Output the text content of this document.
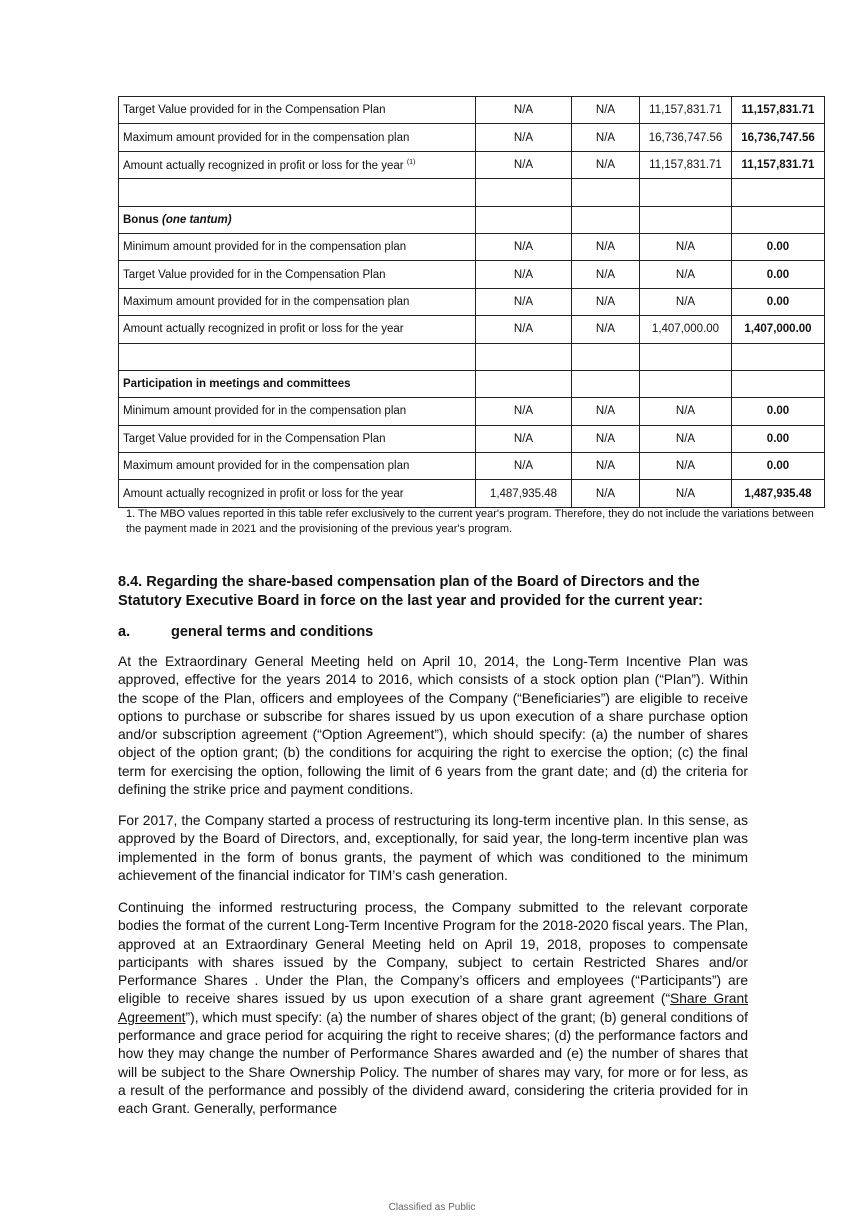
Target Value provided for in the Compensation Plan	N/A	N/A	11,157,831.71	11,157,831.71
Maximum amount provided for in the compensation plan	N/A	N/A	16,736,747.56	16,736,747.56
Amount actually recognized in profit or loss for the year $^{(1)}$	N/A	N/A	11,157,831.71	11,157,831.71

Bonus (one tantum)				
Minimum amount provided for in the compensation plan	N/A	N/A	N/A	0.00
Target Value provided for in the Compensation Plan	N/A	N/A	N/A	0.00
Maximum amount provided for in the compensation plan	N/A	N/A	N/A	0.00
Amount actually recognized in profit or loss for the year	N/A	N/A	1,407,000.00	1,407,000.00

Participation in meetings and committees				
Minimum amount provided for in the compensation plan	N/A	N/A	N/A	0.00
Target Value provided for in the Compensation Plan	N/A	N/A	N/A	0.00
Maximum amount provided for in the compensation plan	N/A	N/A	N/A	0.00
Amount actually recognized in profit or loss for the year	1,487,935.48	N/A	N/A	1,487,935.48
1. The MBO values reported in this table refer exclusively to the current year's program. Therefore, they do not include the variations between the payment made in 2021 and the provisioning of the previous year's program.
8.4. Regarding the share-based compensation plan of the Board of Directors and the Statutory Executive Board in force on the last year and provided for the current year:
a.	general terms and conditions
At the Extraordinary General Meeting held on April 10, 2014, the Long-Term Incentive Plan was approved, effective for the years 2014 to 2016, which consists of a stock option plan (“Plan”). Within the scope of the Plan, officers and employees of the Company (“Beneficiaries”) are eligible to receive options to purchase or subscribe for shares issued by us upon execution of a share purchase option and/or subscription agreement (“Option Agreement”), which should specify: (a) the number of shares object of the option grant; (b) the conditions for acquiring the right to exercise the option; (c) the final term for exercising the option, following the limit of 6 years from the grant date; and (d) the criteria for defining the strike price and payment conditions.
For 2017, the Company started a process of restructuring its long-term incentive plan. In this sense, as approved by the Board of Directors, and, exceptionally, for said year, the long-term incentive plan was implemented in the form of bonus grants, the payment of which was conditioned to the minimum achievement of the financial indicator for TIM’s cash generation.
Continuing the informed restructuring process, the Company submitted to the relevant corporate bodies the format of the current Long-Term Incentive Program for the 2018-2020 fiscal years. The Plan, approved at an Extraordinary General Meeting held on April 19, 2018, proposes to compensate participants with shares issued by the Company, subject to certain Restricted Shares and/or Performance Shares . Under the Plan, the Company’s officers and employees (“Participants”) are eligible to receive shares issued by us upon execution of a share grant agreement (“Share Grant Agreement”), which must specify: (a) the number of shares object of the grant; (b) general conditions of performance and grace period for acquiring the right to receive shares; (d) the performance factors and how they may change the number of Performance Shares awarded and (e) the number of shares that will be subject to the Share Ownership Policy. The number of shares may vary, for more or for less, as a result of the performance and possibly of the dividend award, considering the criteria provided for in each Grant. Generally, performance
Classified as Public
